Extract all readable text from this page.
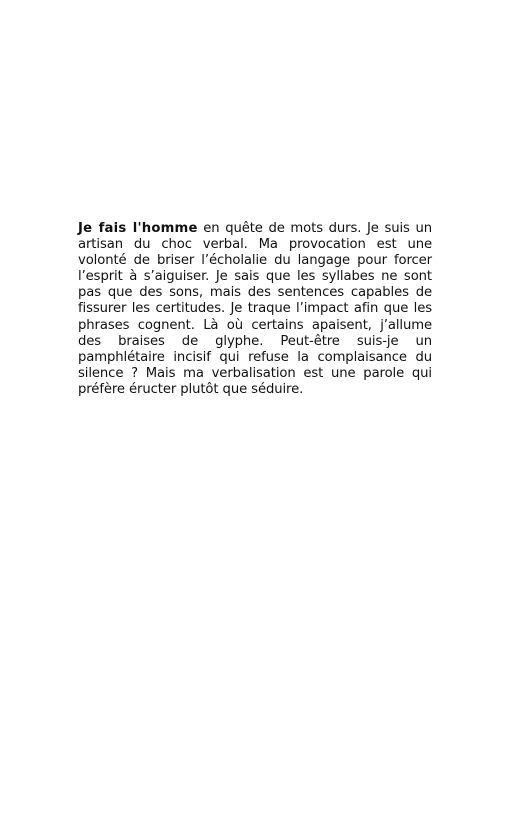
Je fais l'homme en quête de mots durs. Je suis un artisan du choc verbal. Ma provocation est une volonté de briser l’écholalie du langage pour forcer l’esprit à s’aiguiser. Je sais que les syllabes ne sont pas que des sons, mais des sentences capables de fissurer les certitudes. Je traque l’impact afin que les phrases cognent. Là où certains apaisent, j’allume des braises de glyphe. Peut-être suis-je un pamphlétaire incisif qui refuse la complaisance du silence ? Mais ma verbalisation est une parole qui préfère éructer plutôt que séduire.
